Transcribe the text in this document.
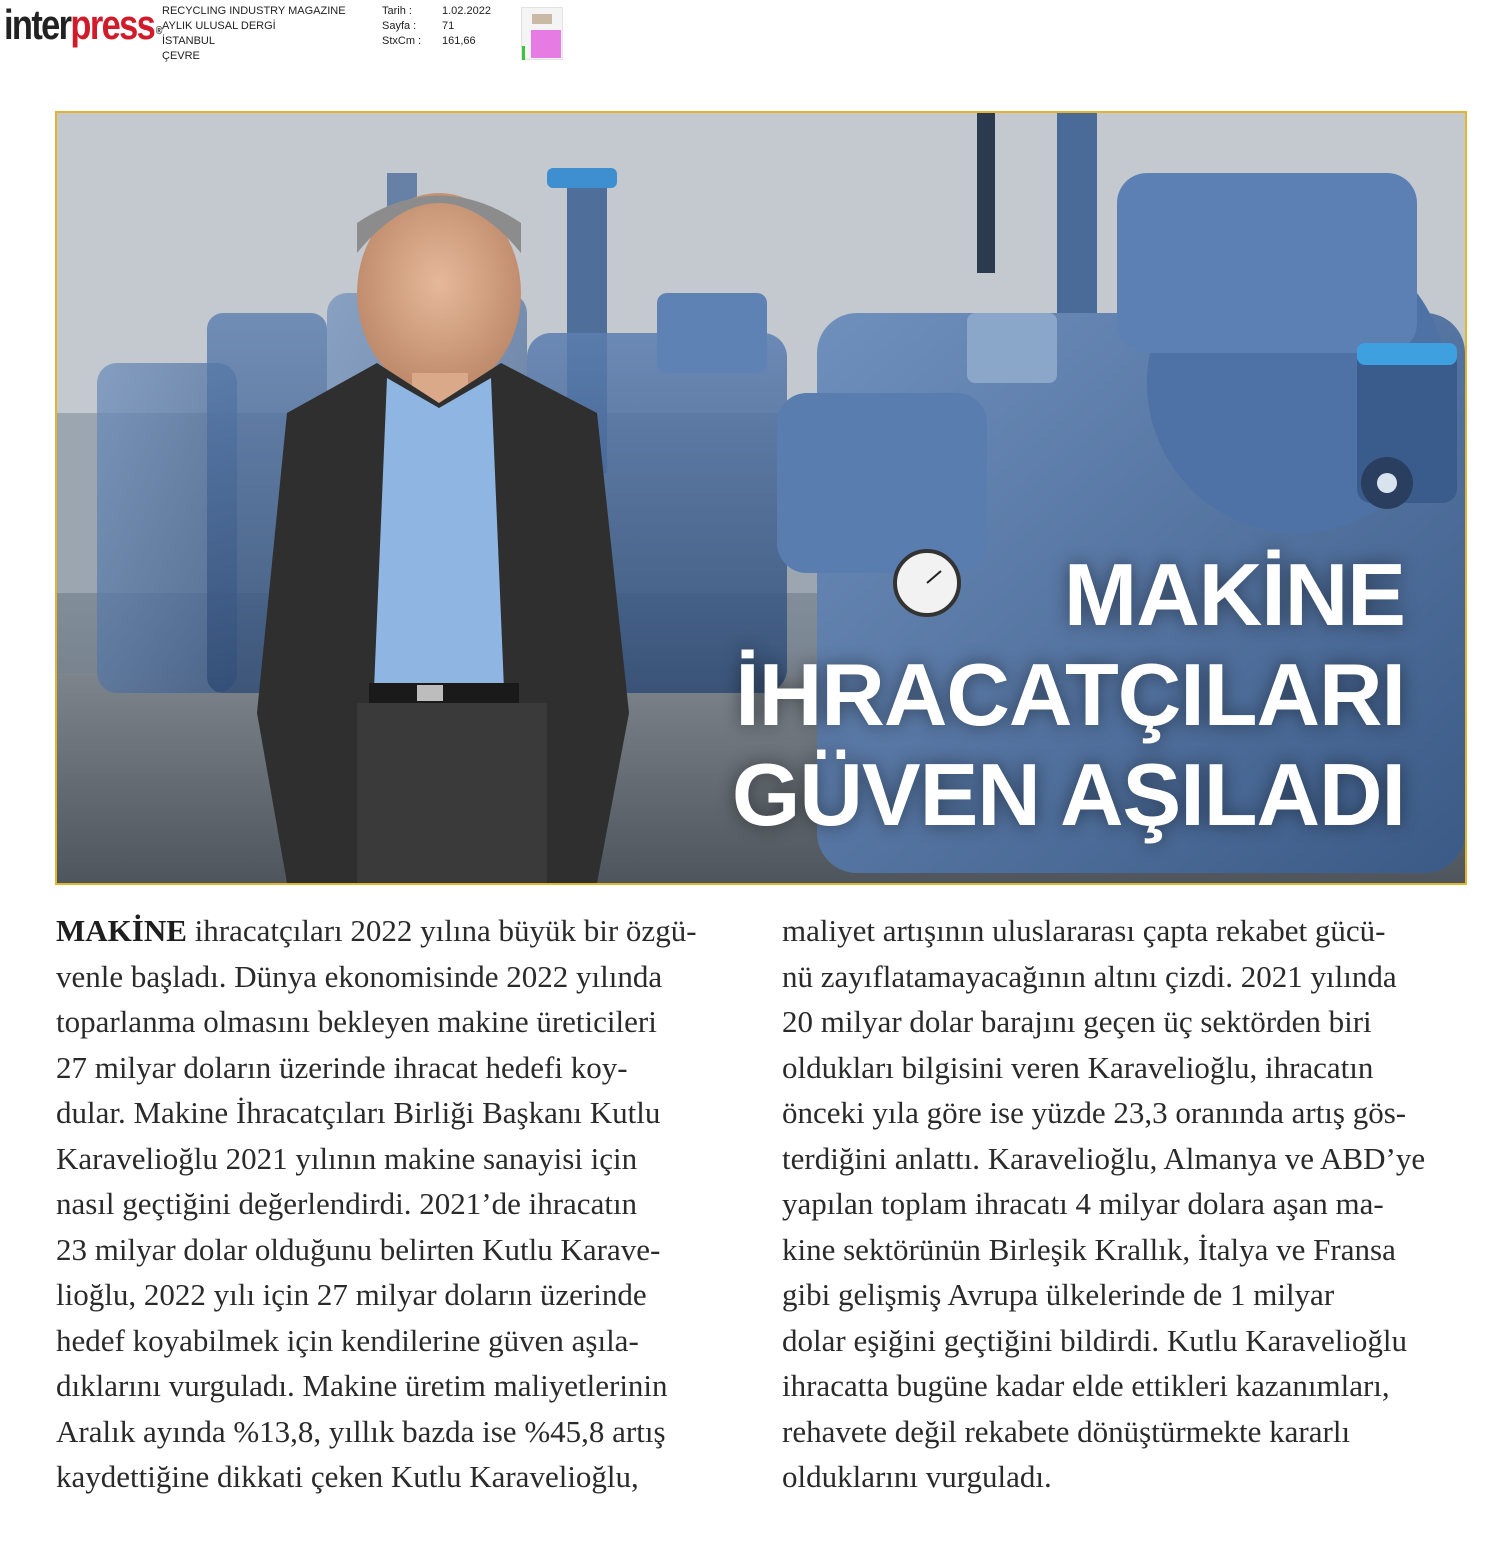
interpress ®
RECYCLING INDUSTRY MAGAZINE
AYLIK ULUSAL DERGİ
İSTANBUL
ÇEVRE
Tarih :	1.02.2022
Sayfa :	71
StxCm :	161,66
MAKİNE
İHRACATÇILARI
GÜVEN AŞILADI
MAKİNE ihracatçıları 2022 yılına büyük bir özgü-
venle başladı. Dünya ekonomisinde 2022 yılında
toparlanma olmasını bekleyen makine üreticileri
27 milyar doların üzerinde ihracat hedefi koy-
dular. Makine İhracatçıları Birliği Başkanı Kutlu
Karavelioğlu 2021 yılının makine sanayisi için
nasıl geçtiğini değerlendirdi. 2021’de ihracatın
23 milyar dolar olduğunu belirten Kutlu Karave-
lioğlu, 2022 yılı için 27 milyar doların üzerinde
hedef koyabilmek için kendilerine güven aşıla-
dıklarını vurguladı. Makine üretim maliyetlerinin
Aralık ayında %13,8, yıllık bazda ise %45,8 artış
kaydettiğine dikkati çeken Kutlu Karavelioğlu,
maliyet artışının uluslararası çapta rekabet gücü-
nü zayıflatamayacağının altını çizdi. 2021 yılında
20 milyar dolar barajını geçen üç sektörden biri
oldukları bilgisini veren Karavelioğlu, ihracatın
önceki yıla göre ise yüzde 23,3 oranında artış gös-
terdiğini anlattı. Karavelioğlu, Almanya ve ABD’ye
yapılan toplam ihracatı 4 milyar dolara aşan ma-
kine sektörünün Birleşik Krallık, İtalya ve Fransa
gibi gelişmiş Avrupa ülkelerinde de 1 milyar
dolar eşiğini geçtiğini bildirdi. Kutlu Karavelioğlu
ihracatta bugüne kadar elde ettikleri kazanımları,
rehavete değil rekabete dönüştürmekte kararlı
olduklarını vurguladı.
